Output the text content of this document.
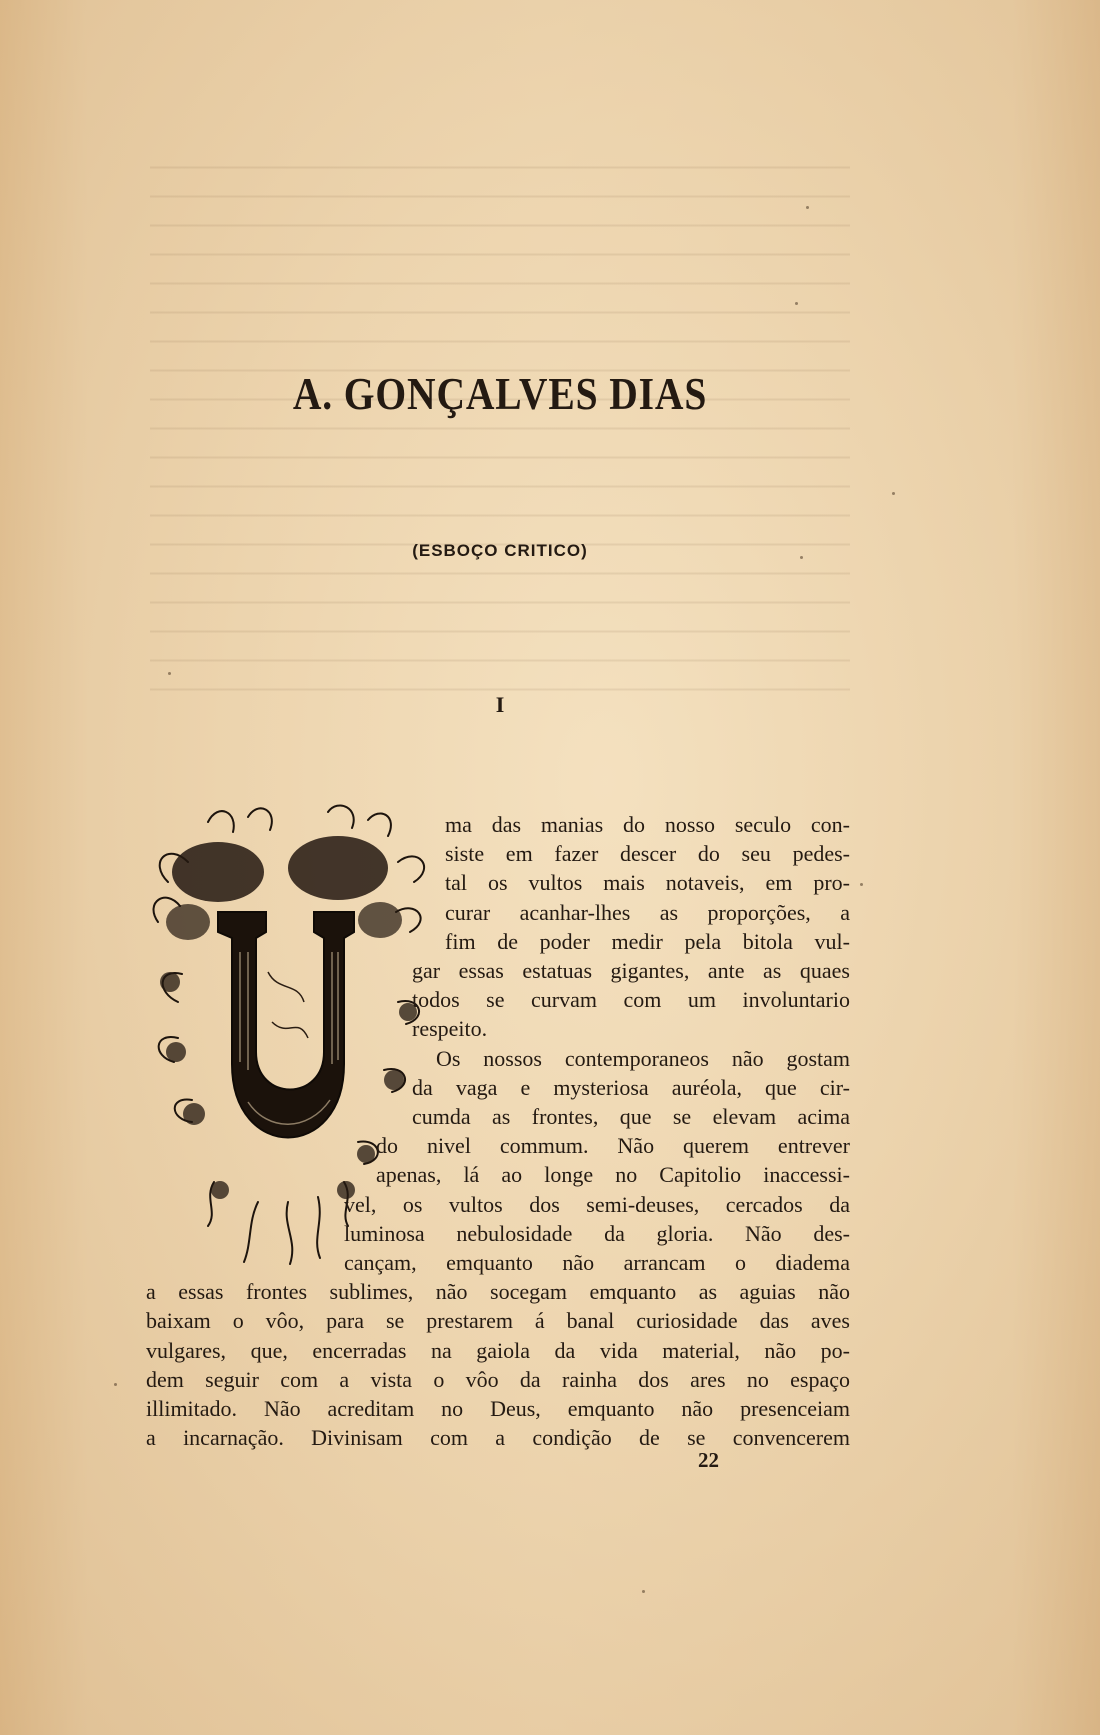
A. GONÇALVES DIAS
(ESBOÇO CRITICO)
I
ma das manias do nosso seculo con-
siste em fazer descer do seu pedes-
tal os vultos mais notaveis, em pro-
curar acanhar-lhes as proporções, a
fim de poder medir pela bitola vul-
gar essas estatuas gigantes, ante as quaes
todos se curvam com um involuntario
respeito.
Os nossos contemporaneos não gostam
da vaga e mysteriosa auréola, que cir-
cumda as frontes, que se elevam acima
do nivel commum. Não querem entrever
apenas, lá ao longe no Capitolio inaccessi-
vel, os vultos dos semi-deuses, cercados da
luminosa nebulosidade da gloria. Não des-
cançam, emquanto não arrancam o diadema
a essas frontes sublimes, não socegam emquanto as aguias não
baixam o vôo, para se prestarem á banal curiosidade das aves
vulgares, que, encerradas na gaiola da vida material, não po-
dem seguir com a vista o vôo da rainha dos ares no espaço
illimitado. Não acreditam no Deus, emquanto não presenceiam
a incarnação. Divinisam com a condição de se convencerem
22
